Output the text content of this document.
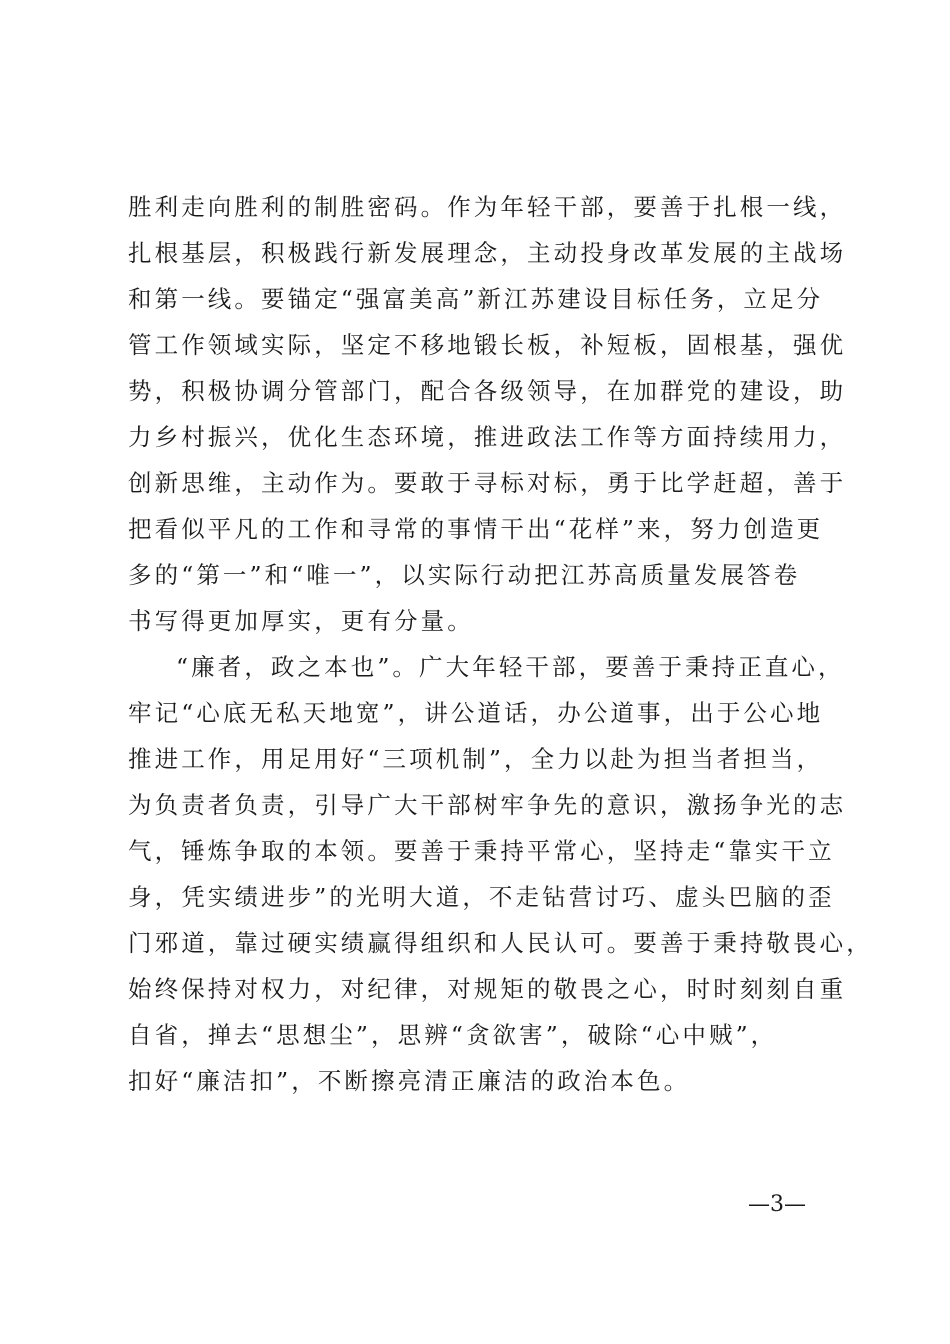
胜利走向胜利的制胜密码。作为年轻干部，要善于扎根一线，
扎根基层，积极践行新发展理念，主动投身改革发展的主战场
和第一线。要锚定“强富美高”新江苏建设目标任务，立足分
管工作领域实际，坚定不移地锻长板，补短板，固根基，强优
势，积极协调分管部门，配合各级领导，在加群党的建设，助
力乡村振兴，优化生态环境，推进政法工作等方面持续用力，
创新思维，主动作为。要敢于寻标对标，勇于比学赶超，善于
把看似平凡的工作和寻常的事情干出“花样”来，努力创造更
多的“第一”和“唯一”，以实际行动把江苏高质量发展答卷
书写得更加厚实，更有分量。
“廉者，政之本也”。广大年轻干部，要善于秉持正直心，
牢记“心底无私天地宽”，讲公道话，办公道事，出于公心地
推进工作，用足用好“三项机制”，全力以赴为担当者担当，
为负责者负责，引导广大干部树牢争先的意识，激扬争光的志
气，锤炼争取的本领。要善于秉持平常心，坚持走“靠实干立
身，凭实绩进步”的光明大道，不走钻营讨巧、虚头巴脑的歪
门邪道，靠过硬实绩赢得组织和人民认可。要善于秉持敬畏心，
始终保持对权力，对纪律，对规矩的敬畏之心，时时刻刻自重
自省，掸去“思想尘”，思辨“贪欲害”，破除“心中贼”，
扣好“廉洁扣”，不断擦亮清正廉洁的政治本色。
—3—
